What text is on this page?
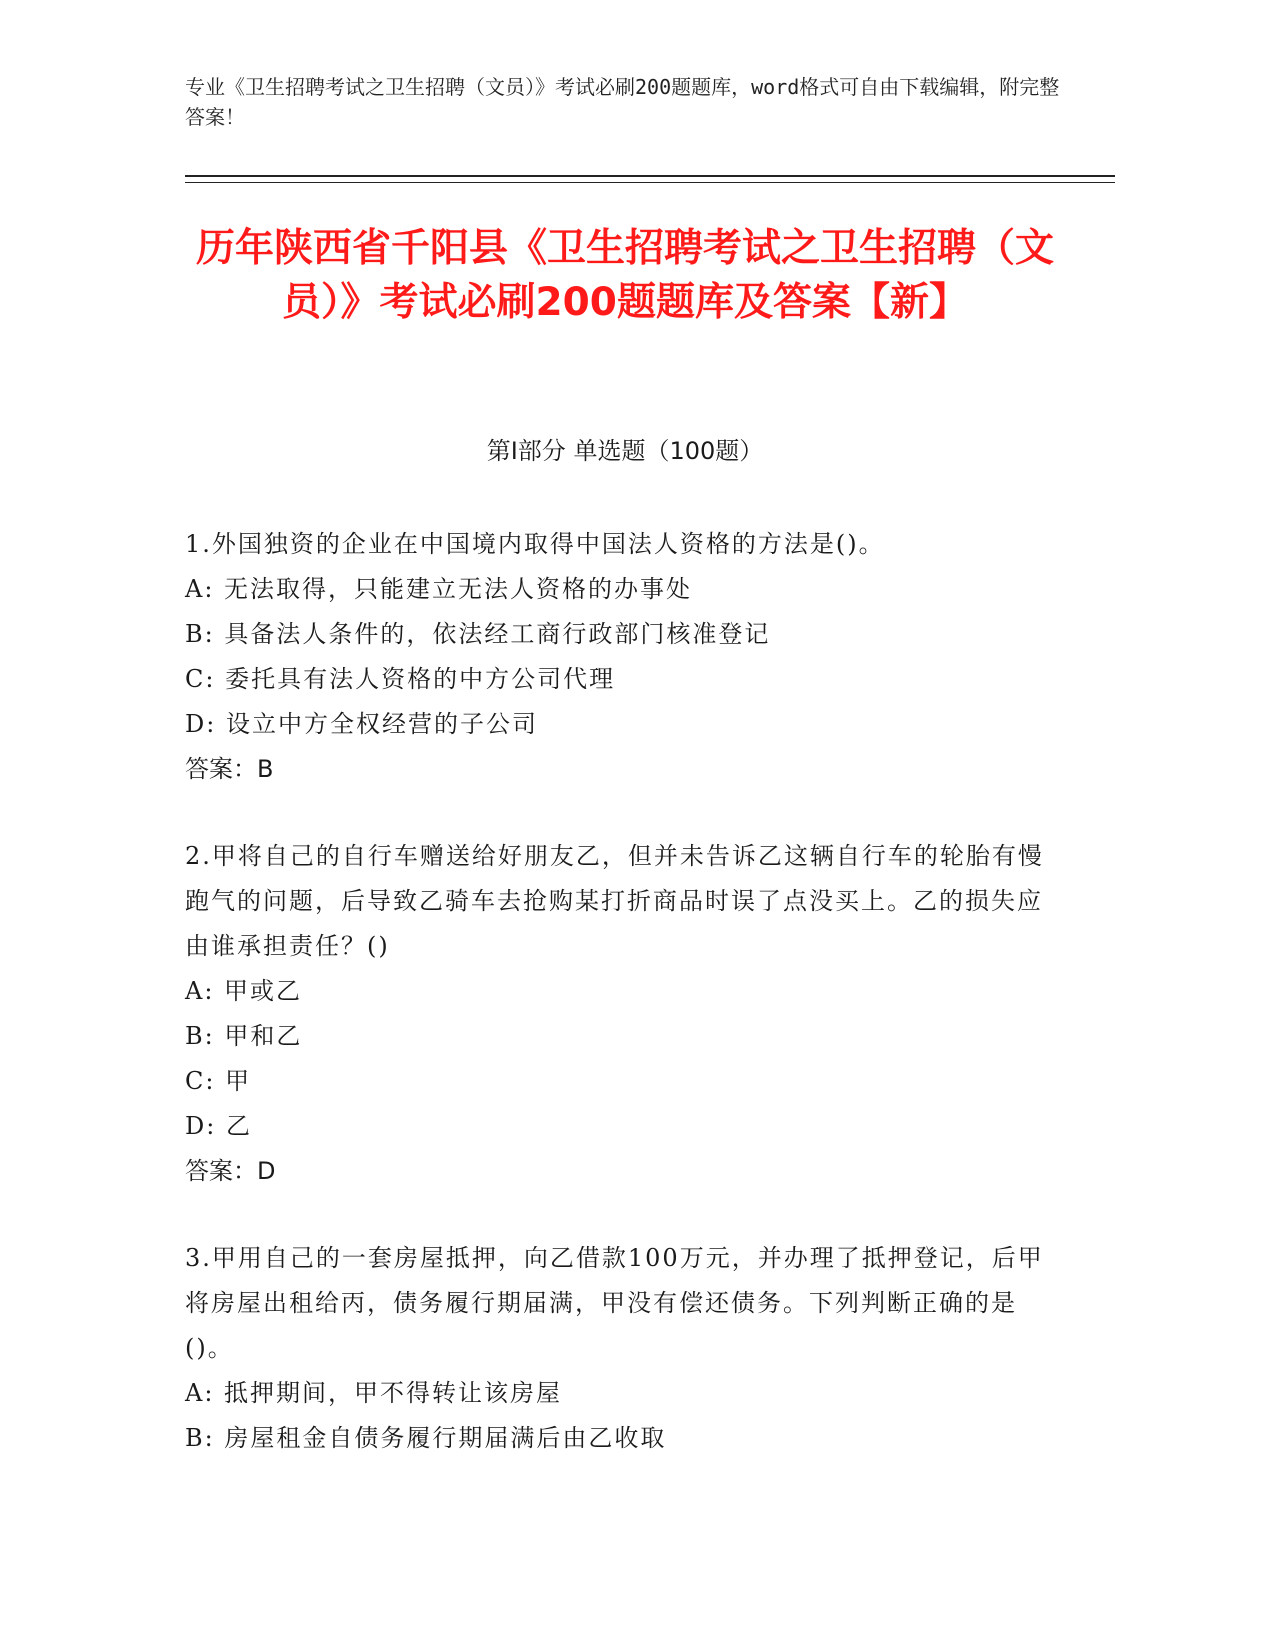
专业《卫生招聘考试之卫生招聘（文员）》考试必刷200题题库，word格式可自由下载编辑，附完整答案！
历年陕西省千阳县《卫生招聘考试之卫生招聘（文员）》考试必刷200题题库及答案【新】
第I部分 单选题（100题）

1.外国独资的企业在中国境内取得中国法人资格的方法是()。

A: 无法取得，只能建立无法人资格的办事处

B: 具备法人条件的，依法经工商行政部门核准登记

C: 委托具有法人资格的中方公司代理

D: 设立中方全权经营的子公司

答案：B

2.甲将自己的自行车赠送给好朋友乙，但并未告诉乙这辆自行车的轮胎有慢跑气的问题，后导致乙骑车去抢购某打折商品时误了点没买上。乙的损失应由谁承担责任？()

A: 甲或乙

B: 甲和乙

C: 甲

D: 乙

答案：D

3.甲用自己的一套房屋抵押，向乙借款100万元，并办理了抵押登记，后甲将房屋出租给丙，债务履行期届满，甲没有偿还债务。下列判断正确的是()。

A: 抵押期间，甲不得转让该房屋

B: 房屋租金自债务履行期届满后由乙收取
